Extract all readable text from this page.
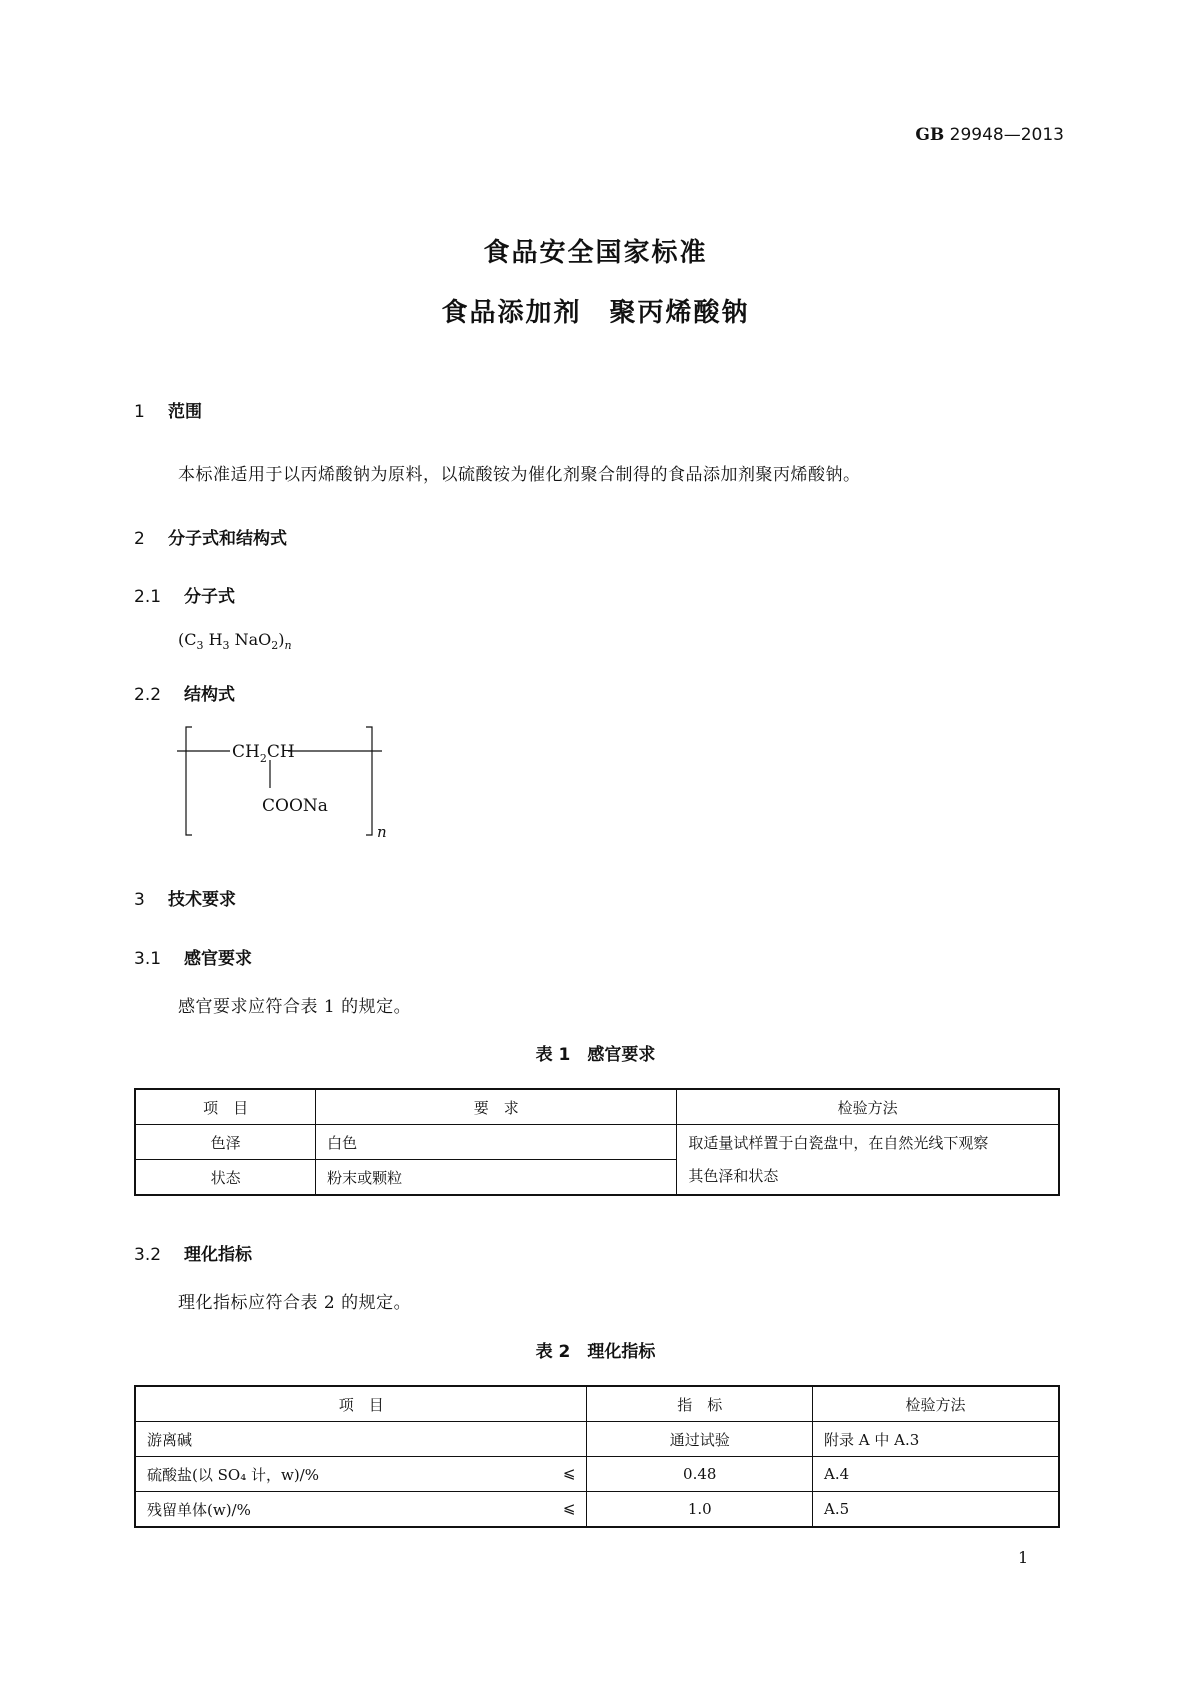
GB 29948—2013
食品安全国家标准
食品添加剂　聚丙烯酸钠
1 范围
本标准适用于以丙烯酸钠为原料，以硫酸铵为催化剂聚合制得的食品添加剂聚丙烯酸钠。
2 分子式和结构式
2.1 分子式
($C_3$ $H_3$ $NaO_2)_n$
2.2 结构式
$CH_2CH$
COONa
n
3 技术要求
3.1 感官要求
感官要求应符合表 1 的规定。
表 1　感官要求
项　目	要　求	检验方法
色泽	白色	取适量试样置于白瓷盘中，在自然光线下观察
其色泽和状态
状态	粉末或颗粒	
3.2 理化指标
理化指标应符合表 2 的规定。
表 2　理化指标
项　目	指　标	检验方法
游离碱	通过试验	附录 A 中 A.3
硫酸盐(以 SO₄ 计，w)/% ⩽	0.48	A.4
残留单体(w)/% ⩽	1.0	A.5
1
